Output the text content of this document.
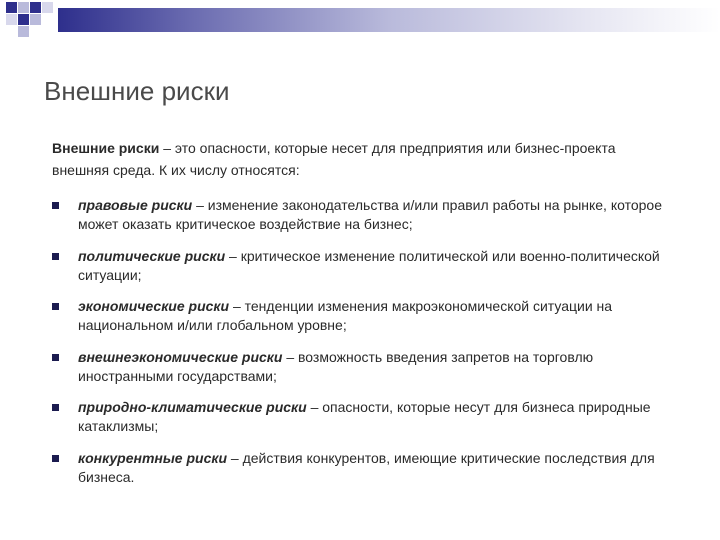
Внешние риски

Внешние риски – это опасности, которые несет для предприятия или бизнес-проекта внешняя среда. К их числу относятся:

правовые риски – изменение законодательства и/или правил работы на рынке, которое может оказать критическое воздействие на бизнес;
политические риски – критическое изменение политической или военно-политической ситуации;
экономические риски – тенденции изменения макроэкономической ситуации на национальном и/или глобальном уровне;
внешнеэкономические риски – возможность введения запретов на торговлю иностранными государствами;
природно-климатические риски – опасности, которые несут для бизнеса природные катаклизмы;
конкурентные риски – действия конкурентов, имеющие критические последствия для бизнеса.
